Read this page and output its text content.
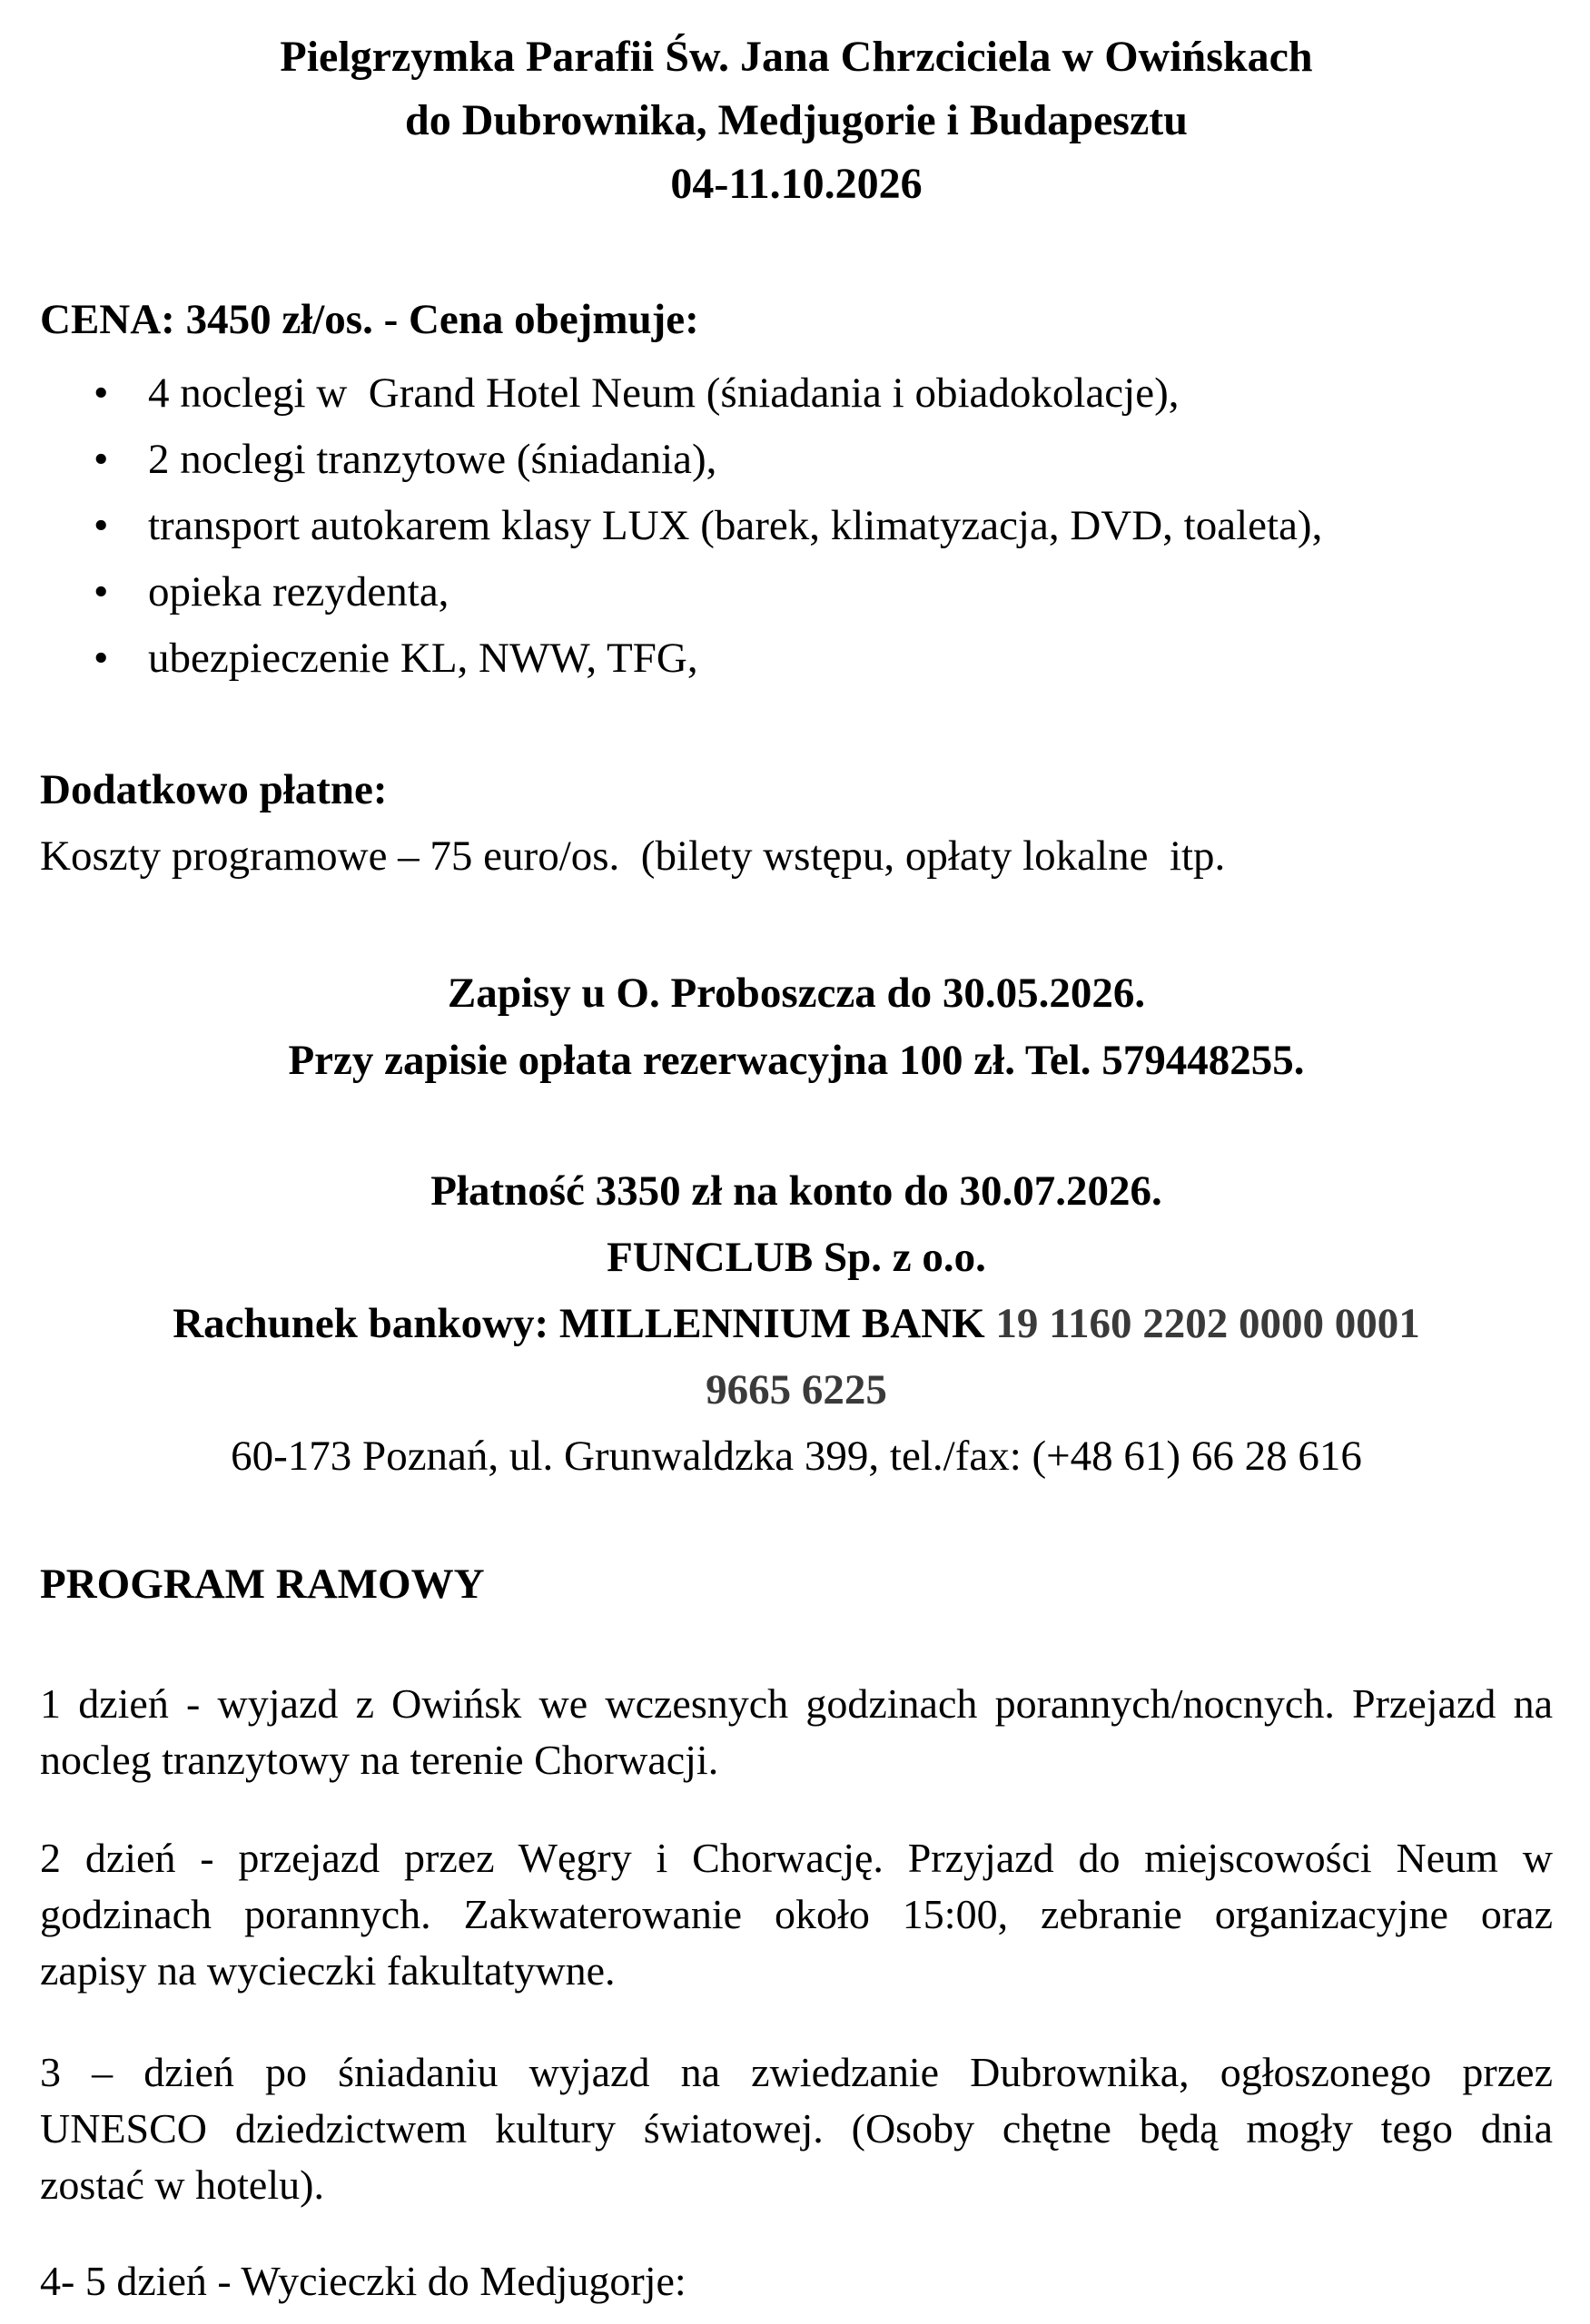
Pielgrzymka Parafii Św. Jana Chrzciciela w Owińskach
do Dubrownika, Medjugorie i Budapesztu
04-11.10.2026
CENA: 3450 zł/os. - Cena obejmuje:
• 4 noclegi w  Grand Hotel Neum (śniadania i obiadokolacje),
• 2 noclegi tranzytowe (śniadania),
• transport autokarem klasy LUX (barek, klimatyzacja, DVD, toaleta),
• opieka rezydenta,
• ubezpieczenie KL, NWW, TFG,
Dodatkowo płatne:
Koszty programowe – 75 euro/os.  (bilety wstępu, opłaty lokalne  itp.
Zapisy u O. Proboszcza do 30.05.2026.
Przy zapisie opłata rezerwacyjna 100 zł. Tel. 579448255.
Płatność 3350 zł na konto do 30.07.2026.
FUNCLUB Sp. z o.o.
Rachunek bankowy: MILLENNIUM BANK 19 1160 2202 0000 0001
9665 6225
60-173 Poznań, ul. Grunwaldzka 399, tel./fax: (+48 61) 66 28 616
PROGRAM RAMOWY
1 dzień - wyjazd z Owińsk we wczesnych godzinach porannych/nocnych. Przejazd na
nocleg tranzytowy na terenie Chorwacji.
2 dzień - przejazd przez Węgry i Chorwację. Przyjazd do miejscowości Neum w
godzinach porannych. Zakwaterowanie około 15:00, zebranie organizacyjne oraz
zapisy na wycieczki fakultatywne.
3 – dzień po śniadaniu wyjazd na zwiedzanie Dubrownika, ogłoszonego przez
UNESCO dziedzictwem kultury światowej. (Osoby chętne będą mogły tego dnia
zostać w hotelu).
4- 5 dzień - Wycieczki do Medjugorje:
